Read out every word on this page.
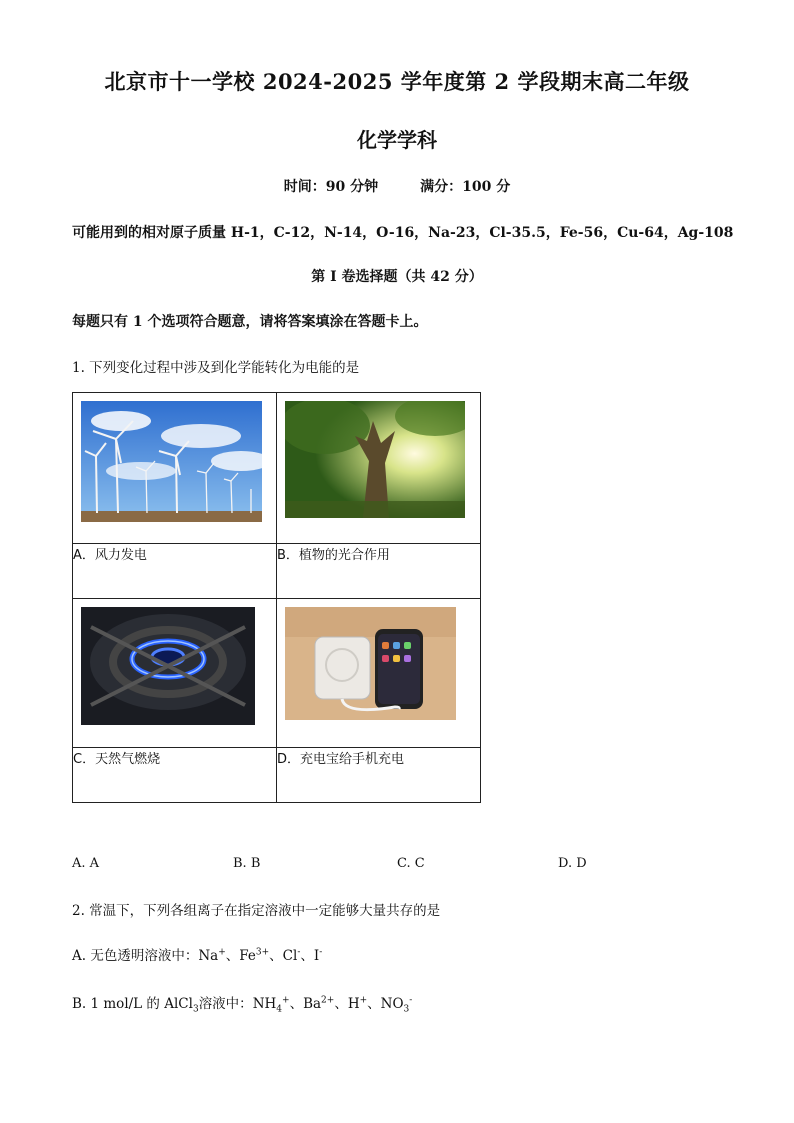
北京市十一学校 2024-2025 学年度第 2 学段期末高二年级
化学学科
时间：90 分钟	满分：100 分
可能用到的相对原子质量 H-1，C-12，N-14，O-16，Na-23，Cl-35.5，Fe-56，Cu-64，Ag-108
第 I 卷选择题（共 42 分）
每题只有 1 个选项符合题意，请将答案填涂在答题卡上。
1. 下列变化过程中涉及到化学能转化为电能的是

A．风力发电	B．植物的光合作用

C．天然气燃烧	D．充电宝给手机充电
A. A	B. B	C. C	D. D
2. 常温下，下列各组离子在指定溶液中一定能够大量共存的是
A. 无色透明溶液中：Na+、$Fe^{3+}$、Cl-、I-
B. 1 mol/L 的 AlCl$_3$溶液中：$NH_4^+$、$Ba^{2+}$、H+、$NO_3^-$
